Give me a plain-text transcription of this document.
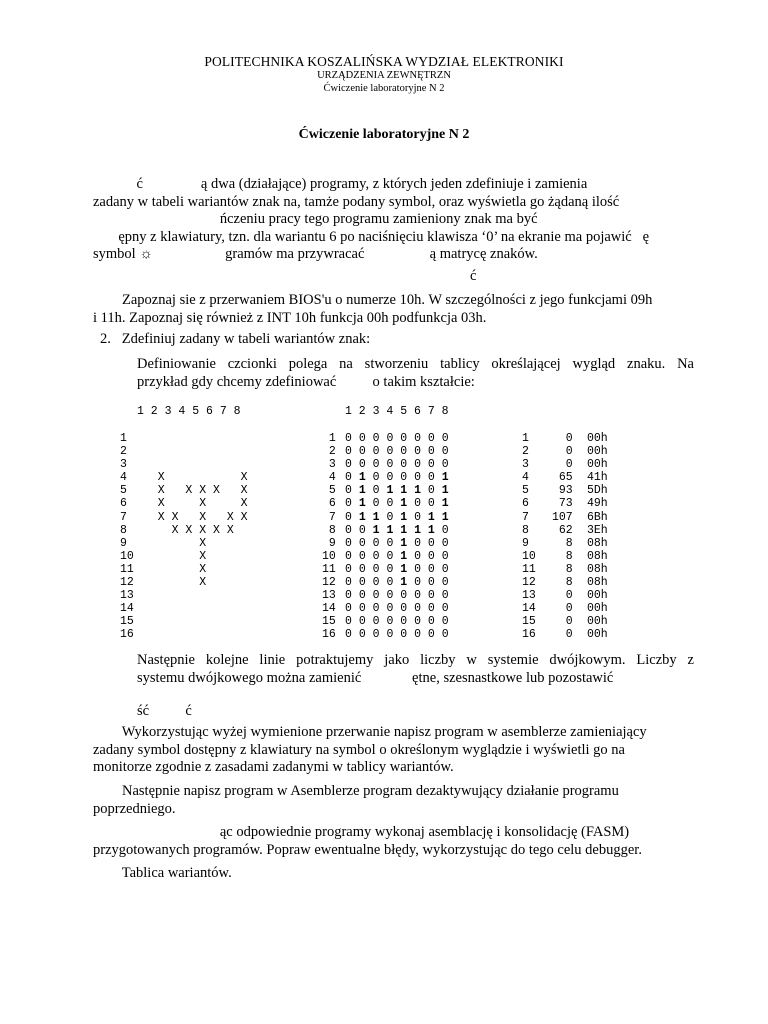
POLITECHNIKA KOSZALIŃSKA WYDZIAŁ ELEKTRONIKI
URZĄDZENIA ZEWNĘTRZN
Ćwiczenie laboratoryjne N 2
Ćwiczenie laboratoryjne N 2
ć                ą dwa (działające) programy, z których jeden zdefiniuje i zamienia
zadany w tabeli wariantów znak na, tamże podany symbol, oraz wyświetla go żądaną ilość
ńczeniu pracy tego programu zamieniony znak ma być
ępny z klawiatury, tzn. dla wariantu 6 po naciśnięciu klawisza ‘0’ na ekranie ma pojawić   ę
symbol ☼                    gramów ma przywracać                  ą matrycę znaków.
ć
Zapoznaj sie z przerwaniem BIOS'u o numerze 10h. W szczególności z jego funkcjami 09h
i 11h. Zapoznaj się również z INT 10h funkcja 00h podfunkcja 03h.
2.   Zdefiniuj zadany w tabeli wariantów znak:
Definiowanie czcionki polega na stworzeniu tablicy określającej wygląd znaku. Na
przykład gdy chcemy zdefiniować          o takim kształcie:
1 2 3 4 5 6 7 8	1 2 3 4 5 6 7 8
1
2
3
4
5
6
7
8
9
10
11
12
13
14
15
16

X           X
X   X X X   X
X     X     X
X X   X   X X
X X X X X
X
X
X
X

1
2
3
4
5
6
7
8
9
10
11
12
13
14
15
16
0 0 0 0 0 0 0 0
0 0 0 0 0 0 0 0
0 0 0 0 0 0 0 0
0 1 0 0 0 0 0 1
0 1 0 1 1 1 0 1
0 1 0 0 1 0 0 1
0 1 1 0 1 0 1 1
0 0 1 1 1 1 1 0
0 0 0 0 1 0 0 0
0 0 0 0 1 0 0 0
0 0 0 0 1 0 0 0
0 0 0 0 1 0 0 0
0 0 0 0 0 0 0 0
0 0 0 0 0 0 0 0
0 0 0 0 0 0 0 0
0 0 0 0 0 0 0 0
1
2
3
4
5
6
7
8
9
10
11
12
13
14
15
16
0
0
0
65
93
73
107
62
8
8
8
8
0
0
0
0
00h
00h
00h
41h
5Dh
49h
6Bh
3Eh
08h
08h
08h
08h
00h
00h
00h
00h
Następnie kolejne linie potraktujemy jako liczby w systemie dwójkowym. Liczby z
systemu dwójkowego można zamienić              ętne, szesnastkowe lub pozostawić
ść          ć
Wykorzystując wyżej wymienione przerwanie napisz program w asemblerze zamieniający
zadany symbol dostępny z klawiatury na symbol o określonym wyglądzie i wyświetli go na
monitorze zgodnie z zasadami zadanymi w tablicy wariantów.
Następnie napisz program w Asemblerze program dezaktywujący działanie programu
poprzedniego.
ąc odpowiednie programy wykonaj asemblację i konsolidację (FASM)
przygotowanych programów. Popraw ewentualne błędy, wykorzystując do tego celu debugger.
Tablica wariantów.
